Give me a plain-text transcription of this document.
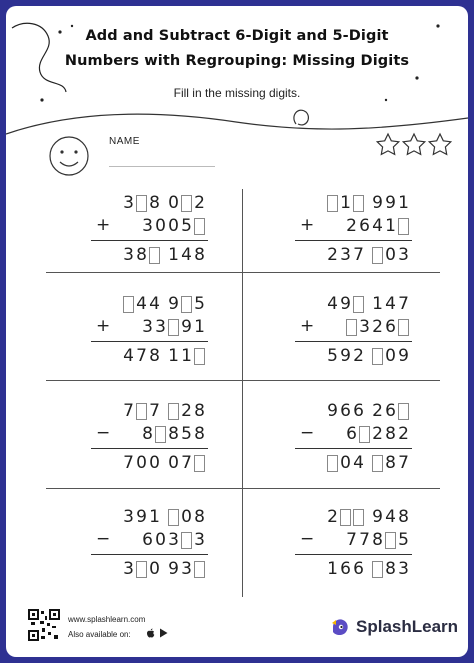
Add and Subtract 6-Digit and 5-Digit
Numbers with Regrouping: Missing Digits
Fill in the missing digits.
NAME
3 8 0 2
3 0 0 5
+
3 8 1 4 8
1 9 9 1
2 6 4 1
+
2 3 7 0 3
4 4 9 5
3 3 9 1
+
4 7 8 1 1
4 9 1 4 7
3 2 6
+
5 9 2 0 9
7 7 2 8
8 8 5 8
−
7 0 0 0 7
9 6 6 2 6
6 2 8 2
−
0 4 8 7
3 9 1 0 8
6 0 3 3
−
3 0 9 3
2 9 4 8
7 7 8 5
−
1 6 6 8 3
www.splashlearn.com
Also available on:	SplashLearn
